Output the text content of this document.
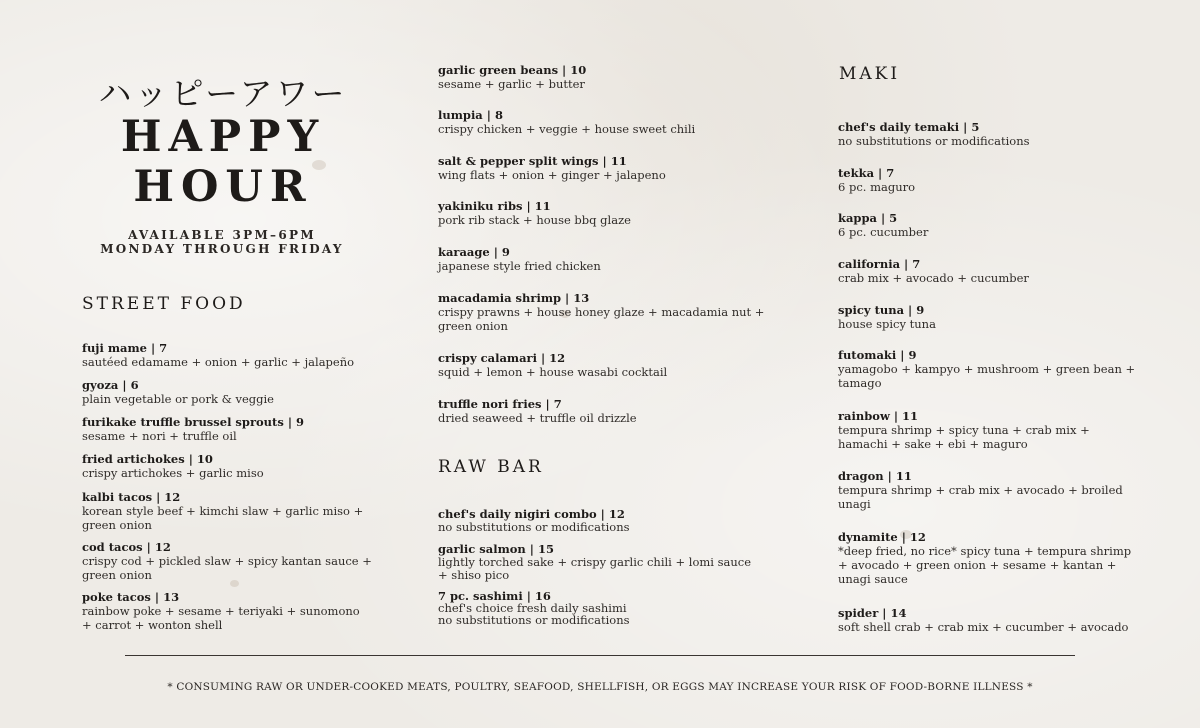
ハッピーアワー
HAPPY
HOUR
AVAILABLE 3PM–6PM
MONDAY THROUGH FRIDAY
STREET FOOD
fuji mame | 7
sautéed edamame + onion + garlic + jalapeño
gyoza | 6
plain vegetable or pork & veggie
furikake truffle brussel sprouts | 9
sesame + nori + truffle oil
fried artichokes | 10
crispy artichokes + garlic miso
kalbi tacos | 12
korean style beef + kimchi slaw + garlic miso + green onion
cod tacos | 12
crispy cod + pickled slaw + spicy kantan sauce + green onion
poke tacos | 13
rainbow poke + sesame + teriyaki + sunomono + carrot + wonton shell
garlic green beans | 10
sesame + garlic + butter
lumpia | 8
crispy chicken + veggie + house sweet chili
salt & pepper split wings | 11
wing flats + onion + ginger + jalapeno
yakiniku ribs | 11
pork rib stack + house bbq glaze
karaage | 9
japanese style fried chicken
macadamia shrimp | 13
crispy prawns + house honey glaze + macadamia nut + green onion
crispy calamari | 12
squid + lemon + house wasabi cocktail
truffle nori fries | 7
dried seaweed + truffle oil drizzle
RAW BAR
chef's daily nigiri combo | 12
no substitutions or modifications
garlic salmon | 15
lightly torched sake + crispy garlic chili + lomi sauce + shiso pico
7 pc. sashimi | 16
chef's choice fresh daily sashimi
no substitutions or modifications
MAKI
chef's daily temaki | 5
no substitutions or modifications
tekka | 7
6 pc. maguro
kappa | 5
6 pc. cucumber
california | 7
crab mix + avocado + cucumber
spicy tuna | 9
house spicy tuna
futomaki | 9
yamagobo + kampyo + mushroom + green bean + tamago
rainbow | 11
tempura shrimp + spicy tuna + crab mix + hamachi + sake + ebi + maguro
dragon | 11
tempura shrimp + crab mix + avocado + broiled unagi
dynamite | 12
*deep fried, no rice* spicy tuna + tempura shrimp + avocado + green onion + sesame + kantan + unagi sauce
spider | 14
soft shell crab + crab mix + cucumber + avocado
* CONSUMING RAW OR UNDER-COOKED MEATS, POULTRY, SEAFOOD, SHELLFISH, OR EGGS MAY INCREASE YOUR RISK OF FOOD-BORNE ILLNESS *
